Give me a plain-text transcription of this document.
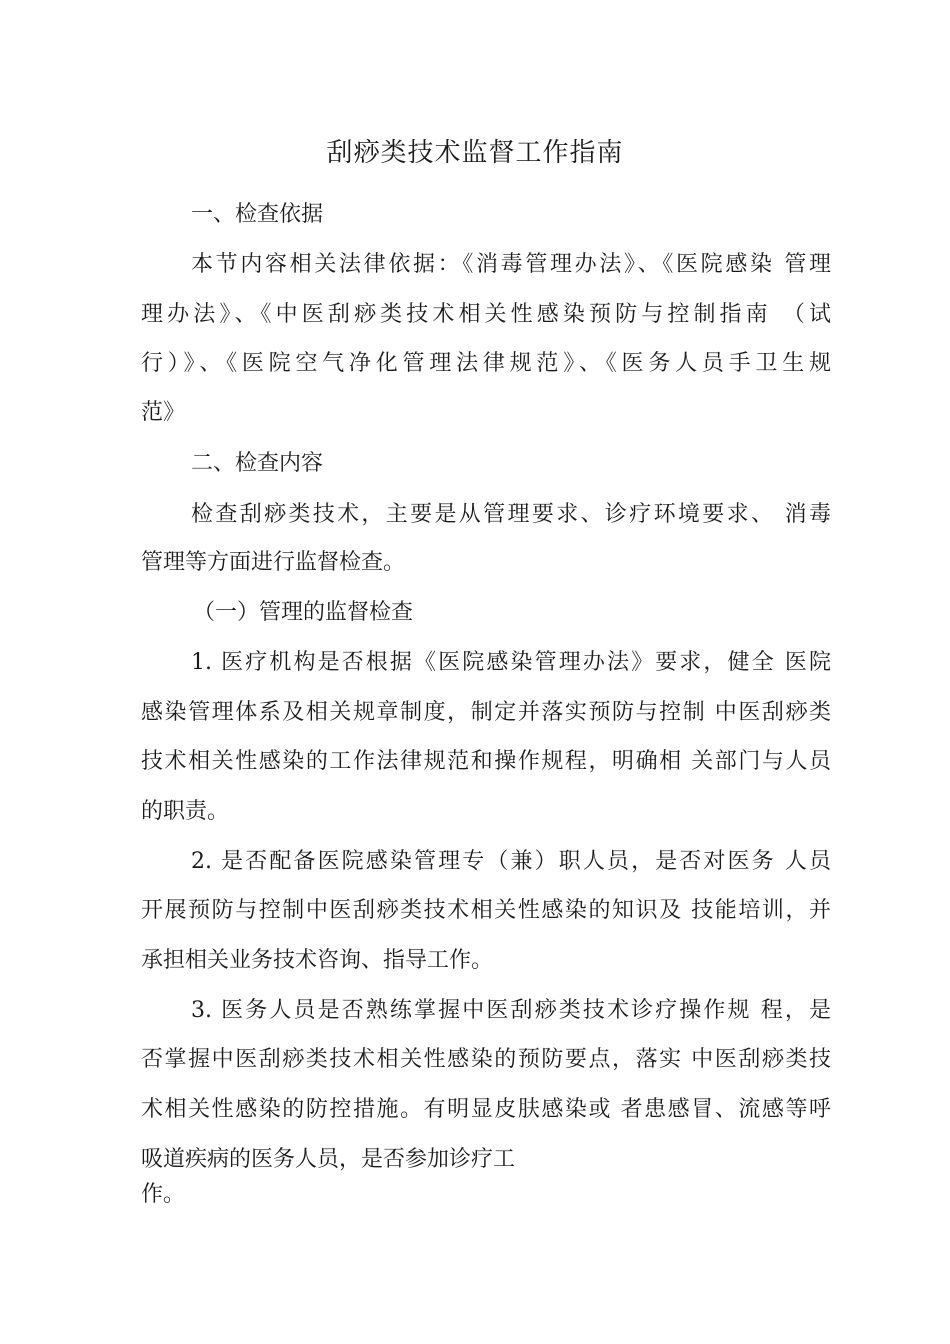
刮痧类技术监督工作指南
一、检查依据
本节内容相关法律依据：《消毒管理办法》、《医院感染 管理
理办法》、《中医刮痧类技术相关性感染预防与控制指南 （试
行）》、《医院空气净化管理法律规范》、《医务人员手卫生规
范》
二、检查内容
检查刮痧类技术，主要是从管理要求、诊疗环境要求、 消毒
管理等方面进行监督检查。
（一）管理的监督检查
1. 医疗机构是否根据《医院感染管理办法》要求，健全 医院
感染管理体系及相关规章制度，制定并落实预防与控制 中医刮痧类
技术相关性感染的工作法律规范和操作规程，明确相 关部门与人员
的职责。
2. 是否配备医院感染管理专（兼）职人员，是否对医务 人员
开展预防与控制中医刮痧类技术相关性感染的知识及 技能培训，并
承担相关业务技术咨询、指导工作。
3. 医务人员是否熟练掌握中医刮痧类技术诊疗操作规 程，是
否掌握中医刮痧类技术相关性感染的预防要点，落实 中医刮痧类技
术相关性感染的防控措施。有明显皮肤感染或 者患感冒、流感等呼
吸道疾病的医务人员，是否参加诊疗工
作。
